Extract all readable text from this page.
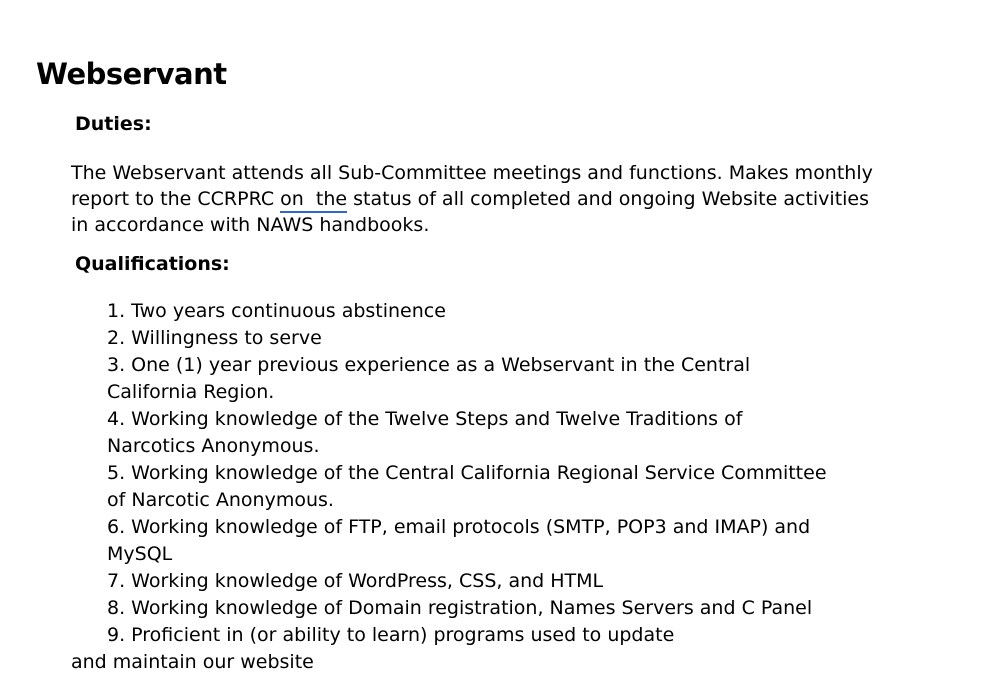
Webservant
Duties:
The Webservant attends all Sub-Committee meetings and functions. Makes monthly
report to the CCRPRC on  the status of all completed and ongoing Website activities
in accordance with NAWS handbooks.
Qualifications:
1. Two years continuous abstinence
2. Willingness to serve
3. One (1) year previous experience as a Webservant in the Central
California Region.
4. Working knowledge of the Twelve Steps and Twelve Traditions of
Narcotics Anonymous.
5. Working knowledge of the Central California Regional Service Committee
of Narcotic Anonymous.
6. Working knowledge of FTP, email protocols (SMTP, POP3 and IMAP) and
MySQL
7. Working knowledge of WordPress, CSS, and HTML
8. Working knowledge of Domain registration, Names Servers and C Panel
9. Proficient in (or ability to learn) programs used to update
and maintain our website
